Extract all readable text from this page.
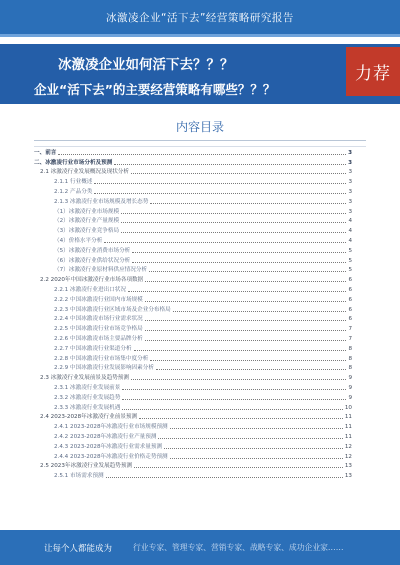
冰激凌企业“活下去”经营策略研究报告
冰激凌企业如何活下去？？？
企业“活下去”的主要经营策略有哪些？？？
力荐
内容目录
一、前言	3
二、冰激凌行业市场分析及预测	3
2.1 冰激凌行业发展概况及现状分析	3
2.1.1 行业概述	3
2.1.2 产品分类	3
2.1.3 冰激凌行业市场规模及增长态势	3
（1）冰激凌行业市场规模	3
（2）冰激凌行业产量规模	4
（3）冰激凌行业竞争格局	4
（4）价格水平分析	4
（5）冰激凌行业消费市场分析	5
（6）冰激凌行业供给状况分析	5
（7）冰激凌行业原材料供应情况分析	5
2.2 2020年中国冰激凌行业市场各项数据	6
2.2.1 冰激凌行业进出口状况	6
2.2.2 中国冰激凌行业国内市场规模	6
2.2.3 中国冰激凌行业区域市场及企业分布格局	6
2.2.4 中国冰激凌市场行业需求状况	6
2.2.5 中国冰激凌行业市场竞争格局	7
2.2.6 中国冰激凌市场主要品牌分析	7
2.2.7 中国冰激凌行业渠道分析	8
2.2.8 中国冰激凌行业市场集中度分析	8
2.2.9 中国冰激凌行业发展影响因素分析	8
2.3 冰激凌行业发展前景及趋势预测	9
2.3.1 冰激凌行业发展前景	9
2.3.2 冰激凌行业发展趋势	9
2.3.3 冰激凌行业发展机遇	10
2.4 2023-2028年冰激凌行业前景预测	11
2.4.1 2023-2028年冰激凌行业市场规模预测	11
2.4.2 2023-2028年冰激凌行业产量预测	11
2.4.3 2023-2028年冰激凌行业需求量预测	12
2.4.4 2023-2028年冰激凌行业价格走势预测	12
2.5 2023年冰激凌行业发展趋势预测	13
2.5.1 市场需求预测	13
让每个人都能成为	行业专家、管理专家、营销专家、战略专家、成功企业家……
